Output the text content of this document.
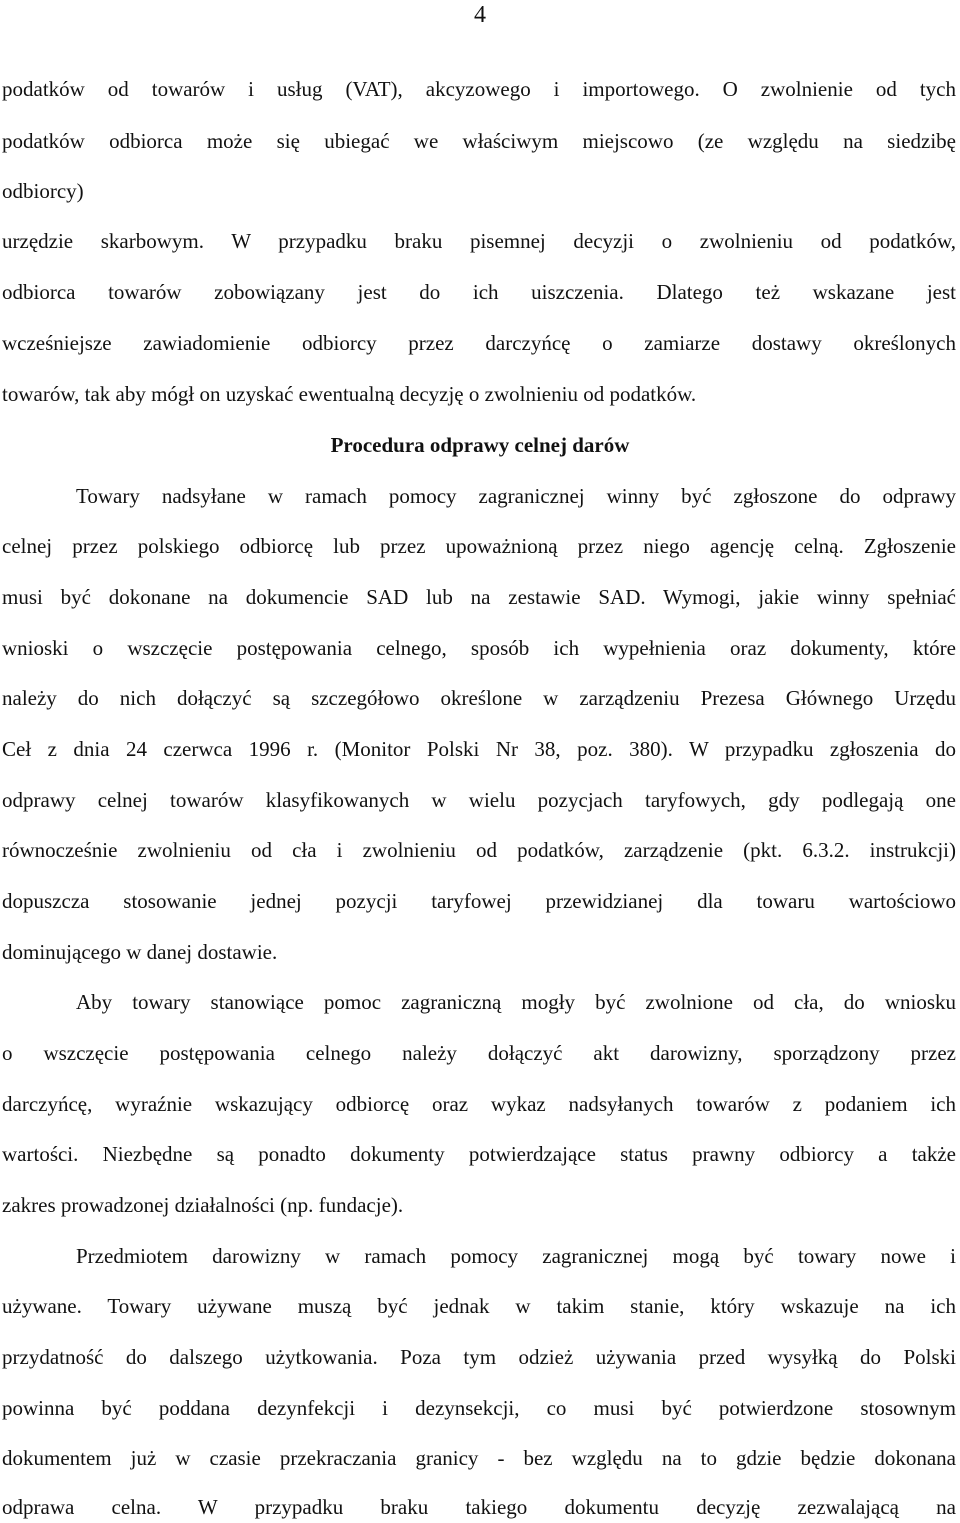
4
podatków od towarów i usług (VAT), akcyzowego i importowego. O zwolnienie od tych
podatków odbiorca może się ubiegać we właściwym miejscowo (ze względu na siedzibę
odbiorcy)
urzędzie skarbowym. W przypadku braku pisemnej decyzji o zwolnieniu od podatków,
odbiorca towarów zobowiązany jest do ich uiszczenia. Dlatego też wskazane jest
wcześniejsze zawiadomienie odbiorcy przez darczyńcę o zamiarze dostawy określonych
towarów, tak aby mógł on uzyskać ewentualną decyzję o zwolnieniu od podatków.
Procedura odprawy celnej darów
Towary nadsyłane w ramach pomocy zagranicznej winny być zgłoszone do odprawy
celnej przez polskiego odbiorcę lub przez upoważnioną przez niego agencję celną. Zgłoszenie
musi być dokonane na dokumencie SAD lub na zestawie SAD. Wymogi, jakie winny spełniać
wnioski o wszczęcie postępowania celnego, sposób ich wypełnienia oraz dokumenty, które
należy do nich dołączyć są szczegółowo określone w zarządzeniu Prezesa Głównego Urzędu
Ceł z dnia 24 czerwca 1996 r. (Monitor Polski Nr 38, poz. 380). W przypadku zgłoszenia do
odprawy celnej towarów klasyfikowanych w wielu pozycjach taryfowych, gdy podlegają one
równocześnie zwolnieniu od cła i zwolnieniu od podatków, zarządzenie (pkt. 6.3.2. instrukcji)
dopuszcza stosowanie jednej pozycji taryfowej przewidzianej dla towaru wartościowo
dominującego w danej dostawie.
Aby towary stanowiące pomoc zagraniczną mogły być zwolnione od cła, do wniosku
o wszczęcie postępowania celnego należy dołączyć akt darowizny, sporządzony przez
darczyńcę, wyraźnie wskazujący odbiorcę oraz wykaz nadsyłanych towarów z podaniem ich
wartości. Niezbędne są ponadto dokumenty potwierdzające status prawny odbiorcy a także
zakres prowadzonej działalności (np. fundacje).
Przedmiotem darowizny w ramach pomocy zagranicznej mogą być towary nowe i
używane. Towary używane muszą być jednak w takim stanie, który wskazuje na ich
przydatność do dalszego użytkowania. Poza tym odzież używania przed wysyłką do Polski
powinna być poddana dezynfekcji i dezynsekcji, co musi być potwierdzone stosownym
dokumentem już w czasie przekraczania granicy - bez względu na to gdzie będzie dokonana
odprawa celna. W przypadku braku takiego dokumentu decyzję zezwalającą na
